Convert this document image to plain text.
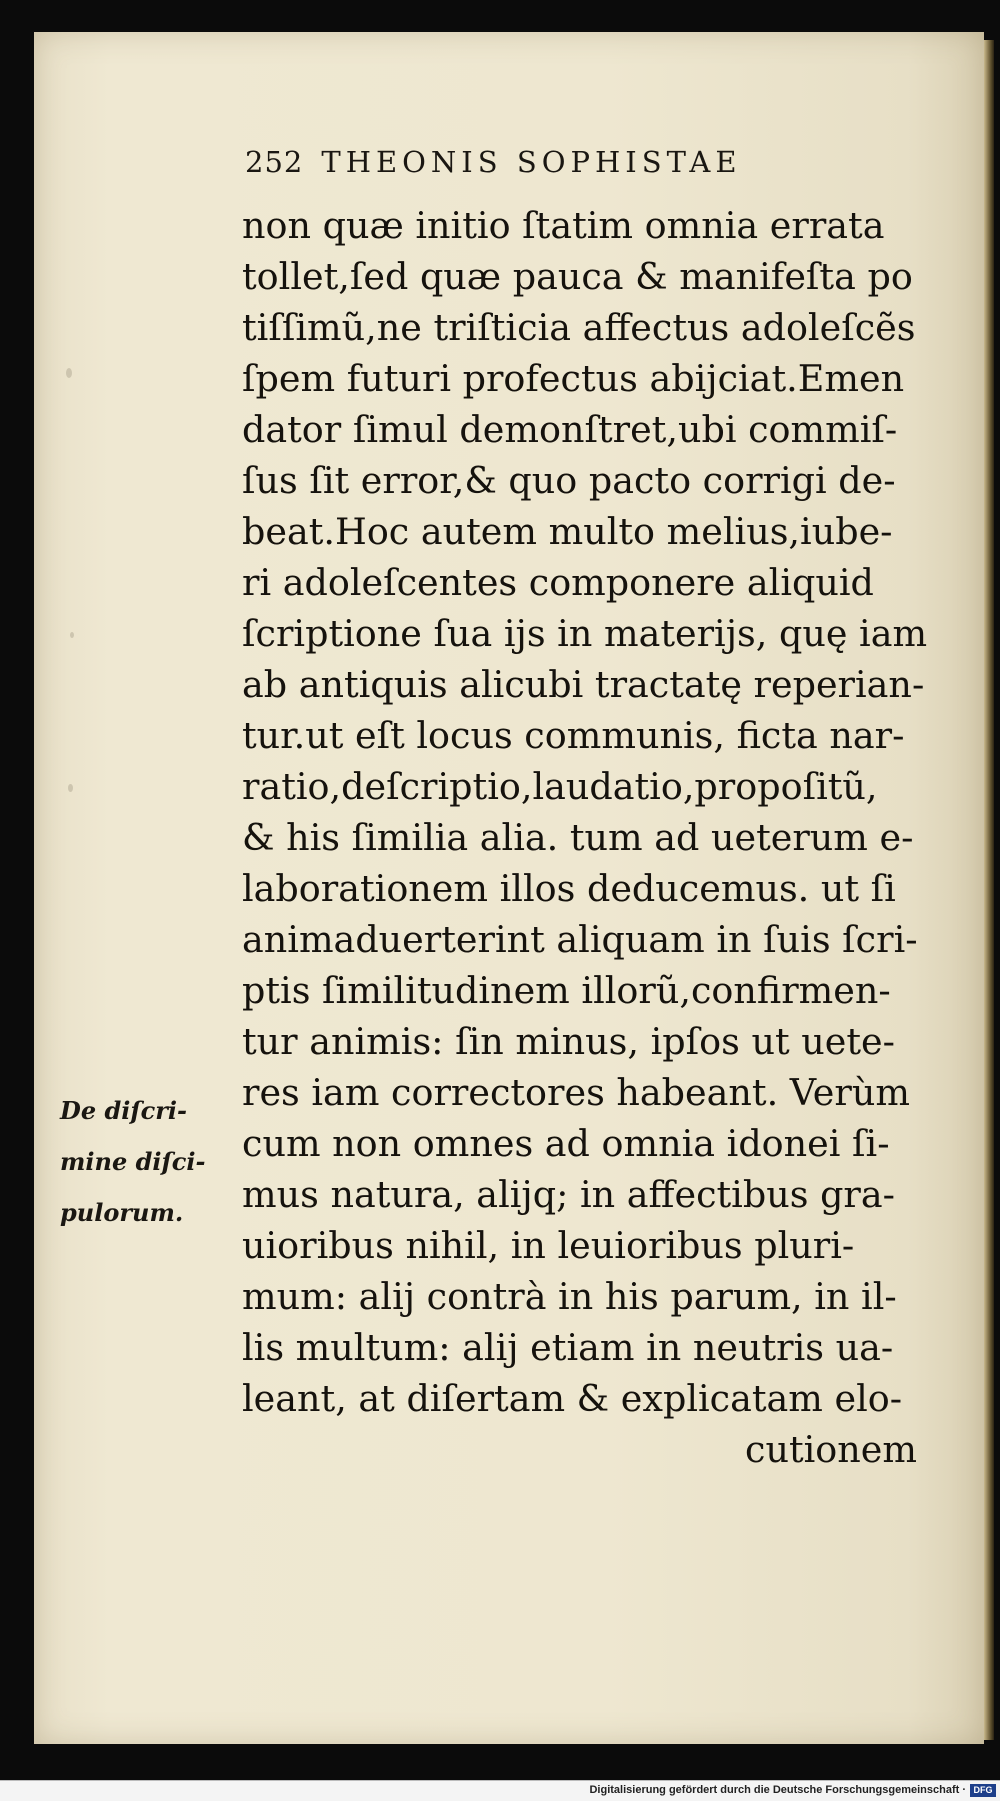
252 THEONIS SOPHISTAE
non quæ initio ſtatim omnia errata
tollet,ſed quæ pauca & manifeſta po
tiſſimũ,ne triſticia affectus adoleſcẽs
ſpem futuri profectus abijciat.Emen
dator ſimul demonſtret,ubi commiſ-
ſus ſit error,& quo pacto corrigi de-
beat.Hoc autem multo melius,iube-
ri adoleſcentes componere aliquid
ſcriptione ſua ijs in materijs, quę iam
ab antiquis alicubi tractatę reperian-
tur.ut eſt locus communis, ficta nar-
ratio,deſcriptio,laudatio,propoſitũ,
& his ſimilia alia. tum ad ueterum e-
laborationem illos deducemus. ut ſi
animaduerterint aliquam in ſuis ſcri-
ptis ſimilitudinem illorũ,confirmen-
tur animis: ſin minus, ipſos ut uete-
res iam correctores habeant. Verùm
cum non omnes ad omnia idonei ſi-
mus natura, alijq; in affectibus gra-
uioribus nihil, in leuioribus pluri-
mum: alij contrà in his parum, in il-
lis multum: alij etiam in neutris ua-
leant, at diſertam & explicatam elo-
cutionem
De diſcri-
mine diſci-
pulorum.
Digitalisierung gefördert durch die Deutsche Forschungsgemeinschaft · DFG
